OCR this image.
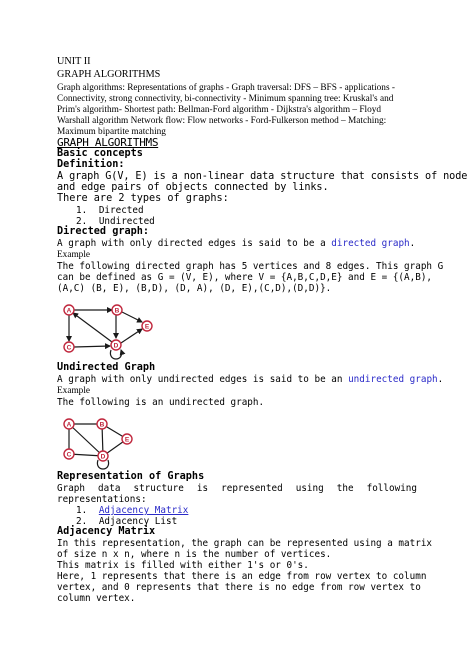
UNIT II
GRAPH ALGORITHMS
Graph algorithms: Representations of graphs - Graph traversal: DFS – BFS - applications -
Connectivity, strong connectivity, bi-connectivity - Minimum spanning tree: Kruskal's and
Prim's algorithm- Shortest path: Bellman-Ford algorithm - Dijkstra's algorithm – Floyd
Warshall algorithm Network flow: Flow networks - Ford-Fulkerson method – Matching:
Maximum bipartite matching
GRAPH ALGORITHMS
Basic concepts
Definition:
A graph G(V, E) is a non-linear data structure that consists of node
and edge pairs of objects connected by links.
There are 2 types of graphs:
1. Directed
2. Undirected
Directed graph:
A graph with only directed edges is said to be a directed graph.
Example
The following directed graph has 5 vertices and 8 edges. This graph G
can be defined as G = (V, E), where V = {A,B,C,D,E} and E = {(A,B),
(A,C) (B, E), (B,D), (D, A), (D, E),(C,D),(D,D)}.
A	B
E
C	D
Undirected Graph
A graph with only undirected edges is said to be an undirected graph.
Example
The following is an undirected graph.
A	B
E
C	D
Representation of Graphs
Graph data structure is represented using the following
representations:
1. Adjacency Matrix
2. Adjacency List
Adjacency Matrix
In this representation, the graph can be represented using a matrix
of size n x n, where n is the number of vertices.
This matrix is filled with either 1's or 0's.
Here, 1 represents that there is an edge from row vertex to column
vertex, and 0 represents that there is no edge from row vertex to
column vertex.
